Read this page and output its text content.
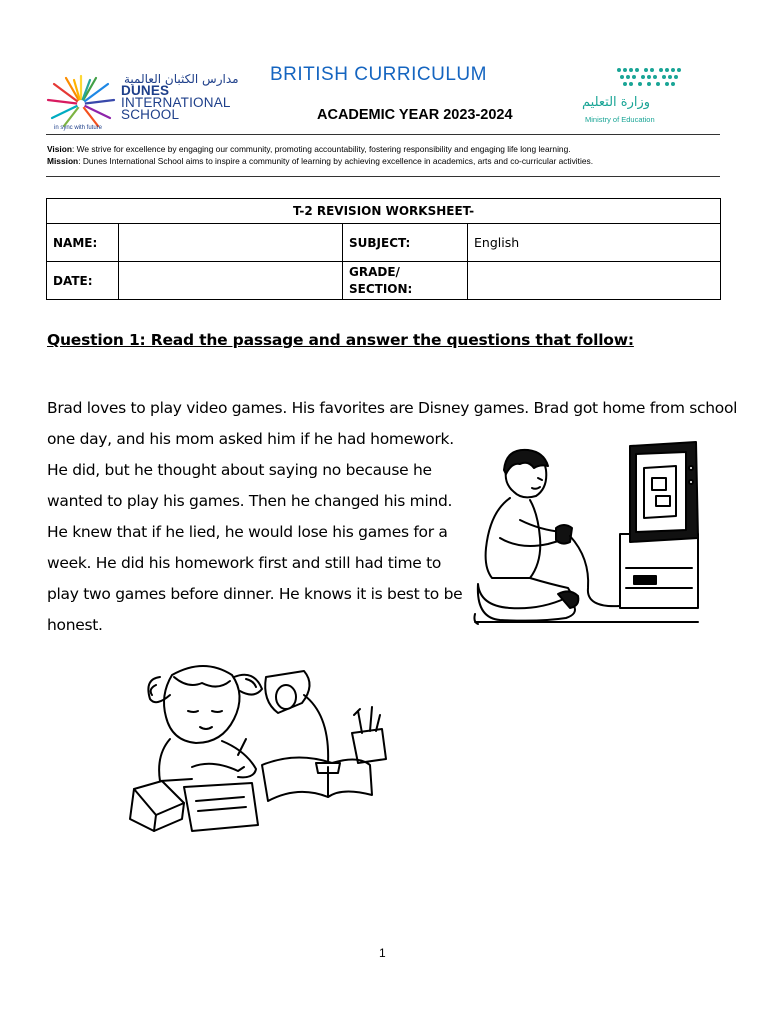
مدارس الكثبان العالمية
DUNES
INTERNATIONAL
SCHOOL
in sync with future
BRITISH CURRICULUM
ACADEMIC YEAR 2023-2024
وزارة التعليم
Ministry of Education
Vision: We strive for excellence by engaging our community, promoting accountability, fostering responsibility and engaging life long learning.
Mission: Dunes International School aims to inspire a community of learning by achieving excellence in academics, arts and co-curricular activities.
T-2 REVISION WORKSHEET-			
NAME:		SUBJECT:	English
DATE:		GRADE/
SECTION:	

Question 1: Read the passage and answer the questions that follow:
Brad loves to play video games. His favorites are Disney games. Brad got home from school
one day, and his mom asked him if he had homework.
He did, but he thought about saying no because he
wanted to play his games. Then he changed his mind.
He knew that if he lied, he would lose his games for a
week. He did his homework first and still had time to
play two games before dinner. He knows it is best to be
honest.
1
